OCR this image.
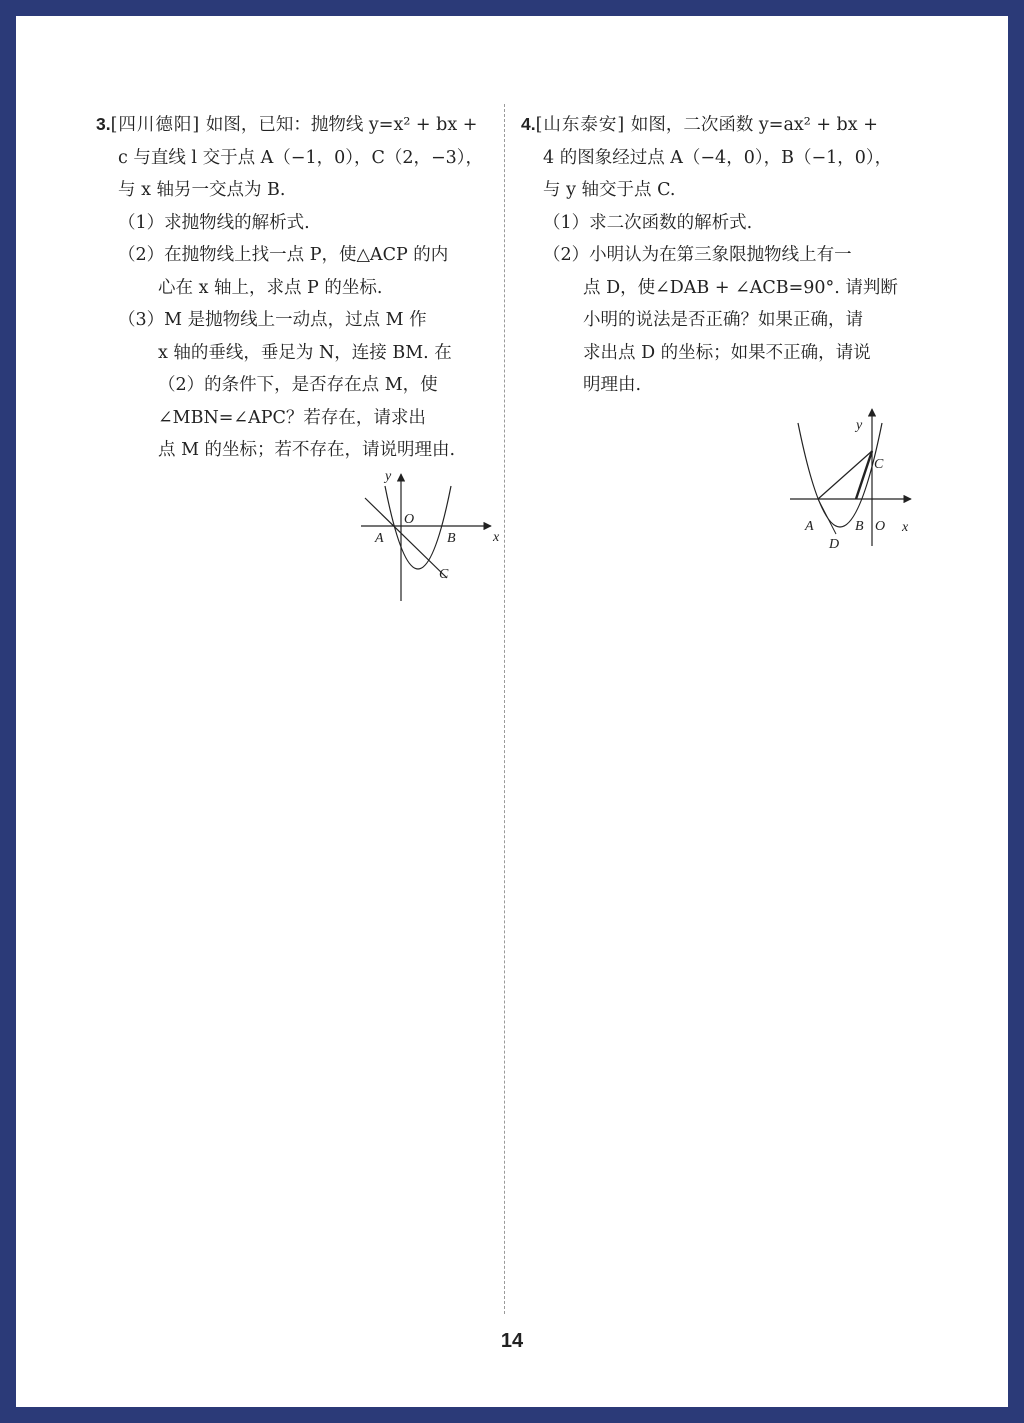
3.[四川德阳] 如图，已知：抛物线 y=x² + bx +
c 与直线 l 交于点 A（−1，0），C（2，−3），
与 x 轴另一交点为 B.
（1）求抛物线的解析式.
（2）在抛物线上找一点 P，使△ACP 的内
心在 x 轴上，求点 P 的坐标.
（3）M 是抛物线上一动点，过点 M 作
x 轴的垂线，垂足为 N，连接 BM. 在
（2）的条件下，是否存在点 M，使
∠MBN=∠APC？若存在，请求出
点 M 的坐标；若不存在，请说明理由.
y
x
O
A	B
C
4.[山东泰安] 如图，二次函数 y=ax² + bx +
4 的图象经过点 A（−4，0），B（−1，0），
与 y 轴交于点 C.
（1）求二次函数的解析式.
（2）小明认为在第三象限抛物线上有一
点 D，使∠DAB + ∠ACB=90°. 请判断
小明的说法是否正确？如果正确，请
求出点 D 的坐标；如果不正确，请说
明理由.
y
x
C
A	B O
D
14
